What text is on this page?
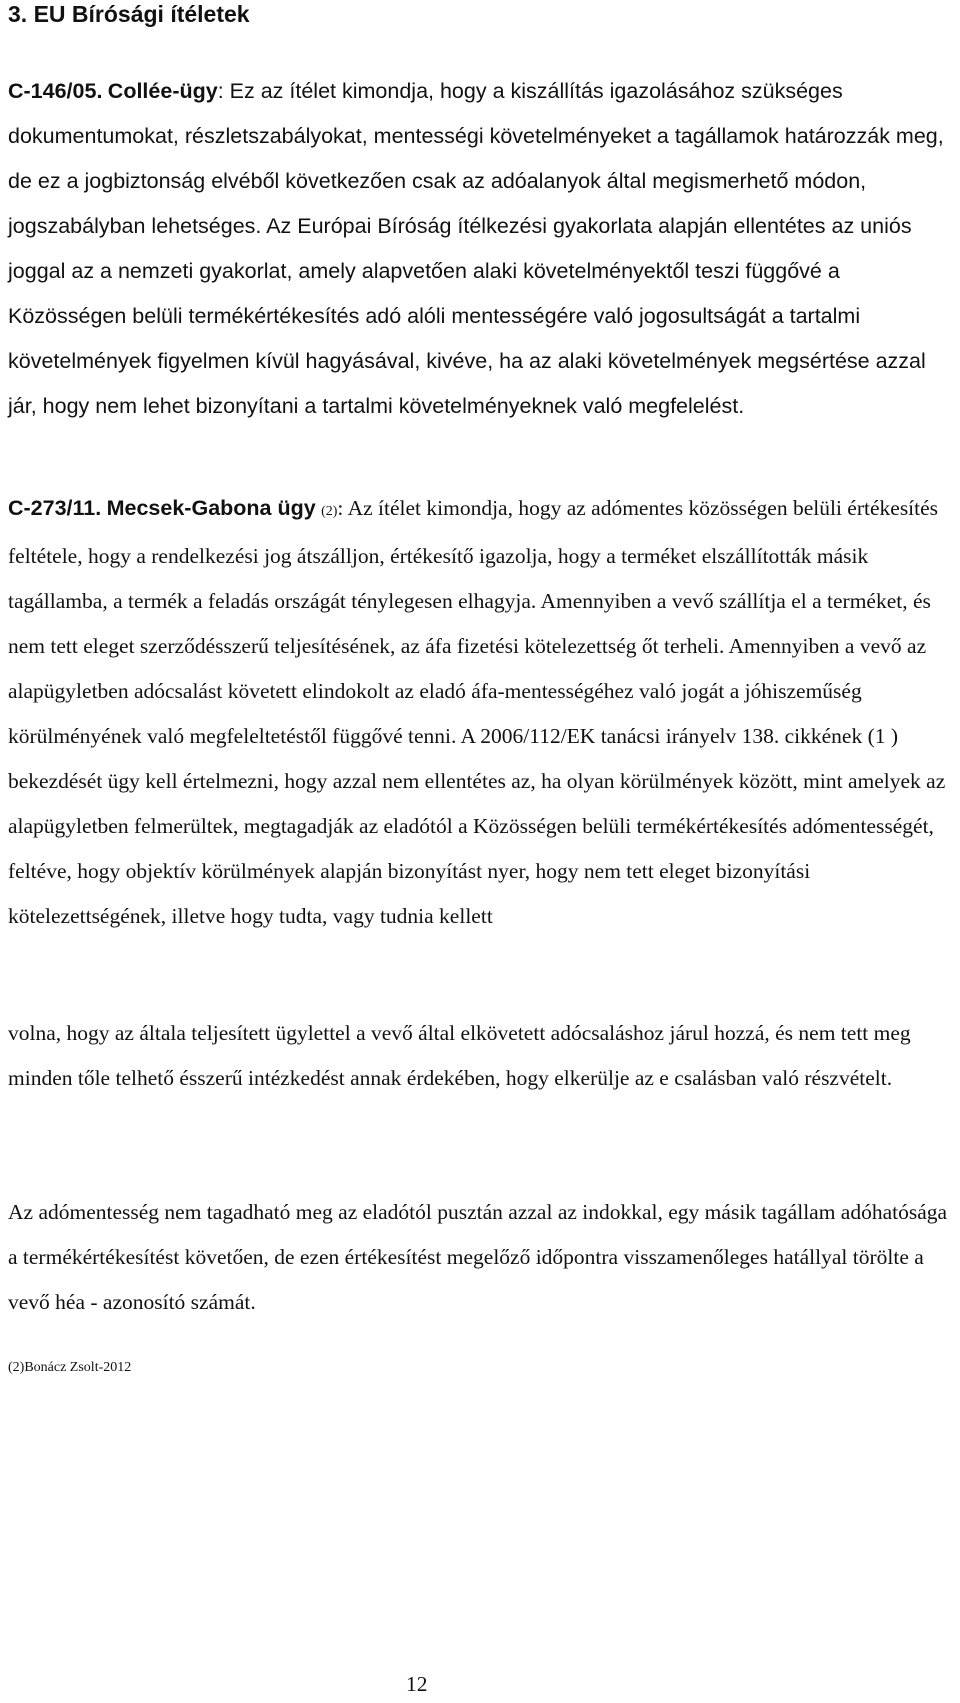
3. EU Bírósági ítéletek

C-146/05. Collée-ügy: Ez az ítélet kimondja, hogy a kiszállítás igazolásához szükséges dokumentumokat, részletszabályokat, mentességi követelményeket a tagállamok határozzák meg, de ez a jogbiztonság elvéből következően csak az adóalanyok által megismerhető módon, jogszabályban lehetséges. Az Európai Bíróság ítélkezési gyakorlata alapján ellentétes az uniós joggal az a nemzeti gyakorlat, amely alapvetően alaki követelményektől teszi függővé a Közösségen belüli termékértékesítés adó alóli mentességére való jogosultságát a tartalmi követelmények figyelmen kívül hagyásával, kivéve, ha az alaki követelmények megsértése azzal jár, hogy nem lehet bizonyítani a tartalmi követelményeknek való megfelelést.

C-273/11. Mecsek-Gabona ügy (2): Az ítélet kimondja, hogy az adómentes közösségen belüli értékesítés feltétele, hogy a rendelkezési jog átszálljon, értékesítő igazolja, hogy a terméket elszállították másik tagállamba, a termék a feladás országát ténylegesen elhagyja. Amennyiben a vevő szállítja el a terméket, és nem tett eleget szerződésszerű teljesítésének, az áfa fizetési kötelezettség őt terheli. Amennyiben a vevő az alapügyletben adócsalást követett elindokolt az eladó áfa-mentességéhez való jogát a jóhiszeműség körülményének való megfeleltetéstől függővé tenni. A 2006/112/EK tanácsi irányelv 138. cikkének (1 ) bekezdését ügy kell értelmezni, hogy azzal nem ellentétes az, ha olyan körülmények között, mint amelyek az alapügyletben felmerültek, megtagadják az eladótól a Közösségen belüli termékértékesítés adómentességét, feltéve, hogy objektív körülmények alapján bizonyítást nyer, hogy nem tett eleget bizonyítási kötelezettségének, illetve hogy tudta, vagy tudnia kellett

volna, hogy az általa teljesített ügylettel a vevő által elkövetett adócsaláshoz járul hozzá, és nem tett meg minden tőle telhető ésszerű intézkedést annak érdekében, hogy elkerülje az e csalásban való részvételt.

Az adómentesség nem tagadható meg az eladótól pusztán azzal az indokkal, egy másik tagállam adóhatósága a termékértékesítést követően, de ezen értékesítést megelőző időpontra visszamenőleges hatállyal törölte a vevő héa - azonosító számát.

(2)Bonácz Zsolt-2012

12
